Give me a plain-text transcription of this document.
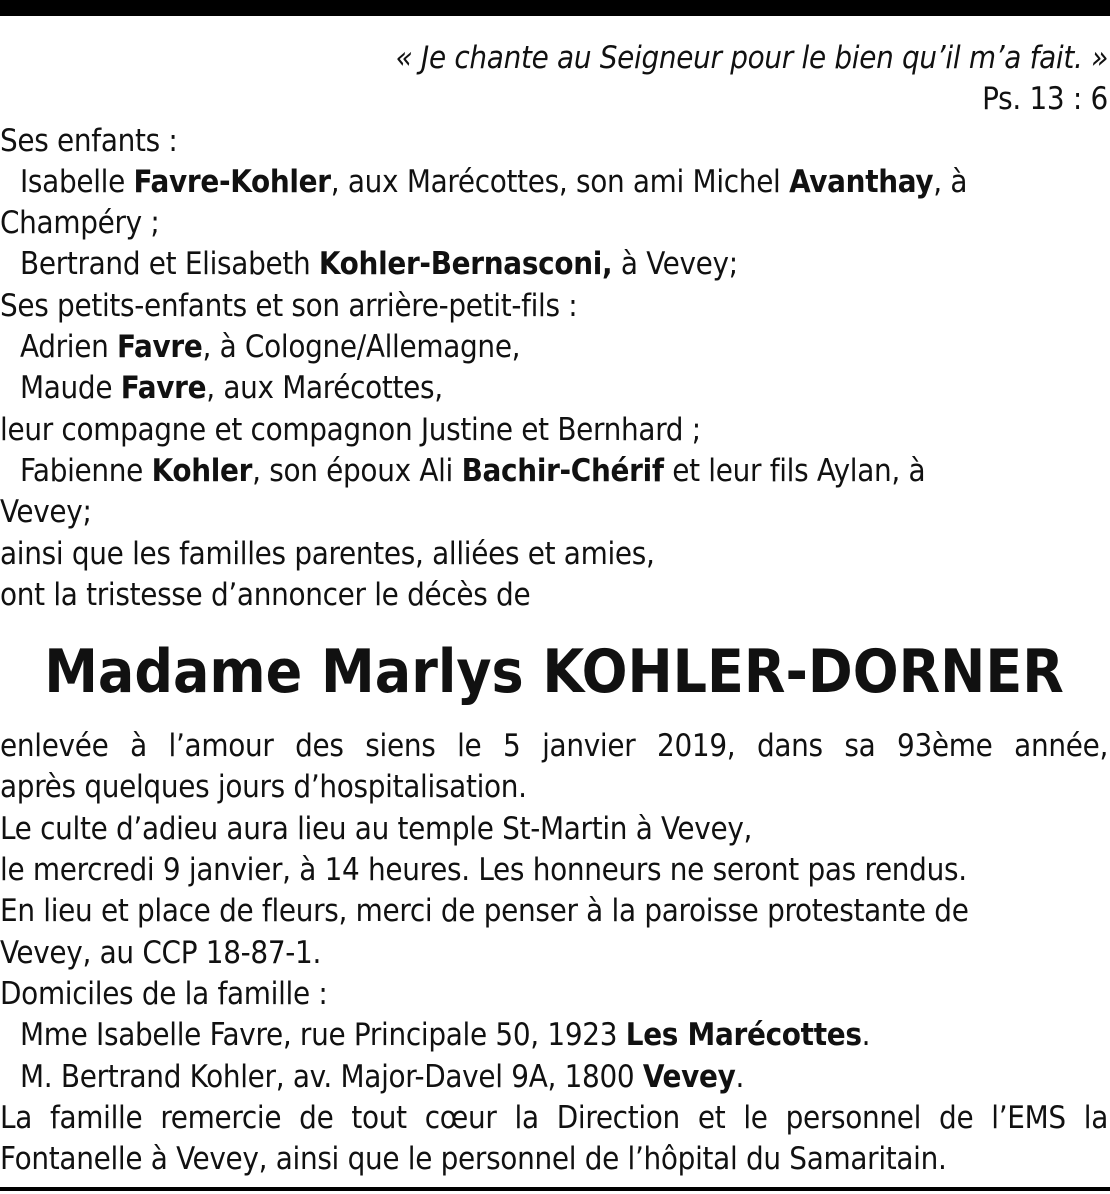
« Je chante au Seigneur pour le bien qu’il m’a fait. »
Ps. 13 : 6
Ses enfants :
Isabelle Favre-Kohler, aux Marécottes, son ami Michel Avanthay, à
Champéry ;
Bertrand et Elisabeth Kohler-Bernasconi, à Vevey;
Ses petits-enfants et son arrière-petit-fils :
Adrien Favre, à Cologne/Allemagne,
Maude Favre, aux Marécottes,
leur compagne et compagnon Justine et Bernhard ;
Fabienne Kohler, son époux Ali Bachir-Chérif et leur fils Aylan, à
Vevey;
ainsi que les familles parentes, alliées et amies,
ont la tristesse d’annoncer le décès de
Madame Marlys KOHLER-DORNER
enlevée à l’amour des siens le 5 janvier 2019, dans sa 93ème année,
après quelques jours d’hospitalisation.
Le culte d’adieu aura lieu au temple St-Martin à Vevey,
le mercredi 9 janvier, à 14 heures. Les honneurs ne seront pas rendus.
En lieu et place de fleurs, merci de penser à la paroisse protestante de
Vevey, au CCP 18-87-1.
Domiciles de la famille :
Mme Isabelle Favre, rue Principale 50, 1923 Les Marécottes.
M. Bertrand Kohler, av. Major-Davel 9A, 1800 Vevey.
La famille remercie de tout cœur la Direction et le personnel de l’EMS la
Fontanelle à Vevey, ainsi que le personnel de l’hôpital du Samaritain.
